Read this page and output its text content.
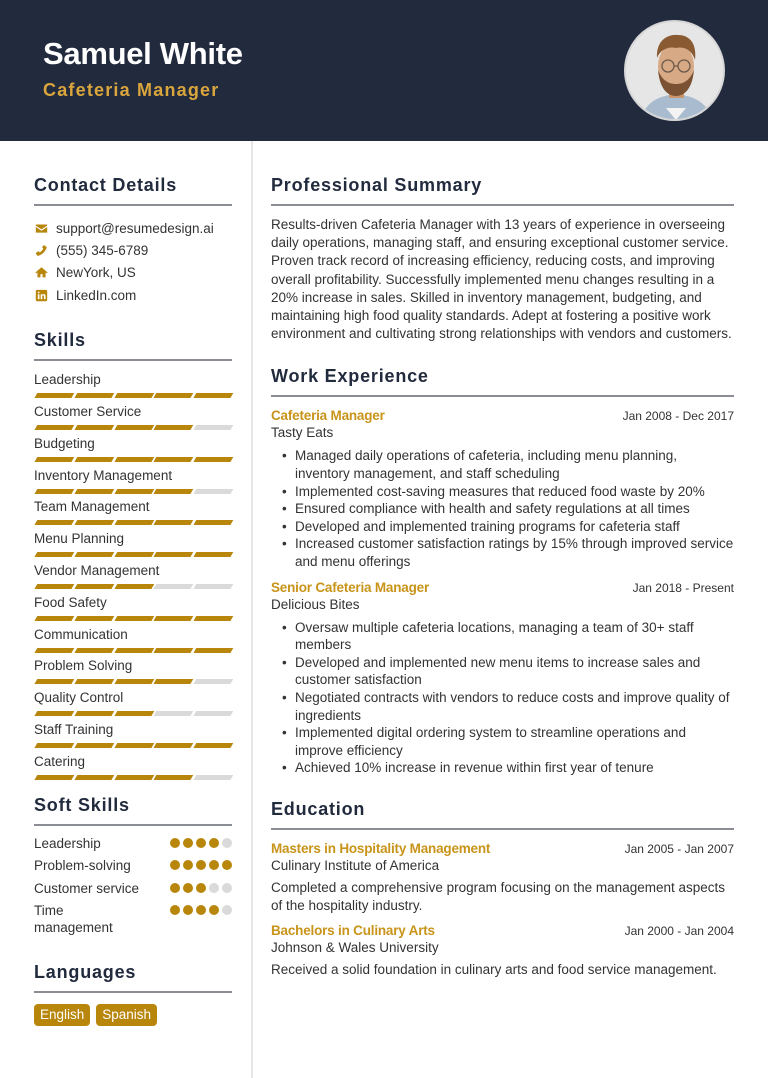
Samuel White
Cafeteria Manager
Contact Details
support@resumedesign.ai
(555) 345-6789
NewYork, US
LinkedIn.com
Skills
Leadership
Customer Service
Budgeting
Inventory Management
Team Management
Menu Planning
Vendor Management
Food Safety
Communication
Problem Solving
Quality Control
Staff Training
Catering
Soft Skills
Leadership
Problem-solving
Customer service
Time management
Languages
English	Spanish
Professional Summary

Results-driven Cafeteria Manager with 13 years of experience in overseeing daily operations, managing staff, and ensuring exceptional customer service. Proven track record of increasing efficiency, reducing costs, and improving overall profitability. Successfully implemented menu changes resulting in a 20% increase in sales. Skilled in inventory management, budgeting, and maintaining high food quality standards. Adept at fostering a positive work environment and cultivating strong relationships with vendors and customers.

Work Experience
Cafeteria Manager	Jan 2008 - Dec 2017
Tasty Eats
• Managed daily operations of cafeteria, including menu planning, inventory management, and staff scheduling
• Implemented cost-saving measures that reduced food waste by 20%
• Ensured compliance with health and safety regulations at all times
• Developed and implemented training programs for cafeteria staff
• Increased customer satisfaction ratings by 15% through improved service and menu offerings
Senior Cafeteria Manager	Jan 2018 - Present
Delicious Bites
• Oversaw multiple cafeteria locations, managing a team of 30+ staff members
• Developed and implemented new menu items to increase sales and customer satisfaction
• Negotiated contracts with vendors to reduce costs and improve quality of ingredients
• Implemented digital ordering system to streamline operations and improve efficiency
• Achieved 10% increase in revenue within first year of tenure
Education
Masters in Hospitality Management	Jan 2005 - Jan 2007
Culinary Institute of America

Completed a comprehensive program focusing on the management aspects of the hospitality industry.

Bachelors in Culinary Arts	Jan 2000 - Jan 2004
Johnson & Wales University

Received a solid foundation in culinary arts and food service management.
